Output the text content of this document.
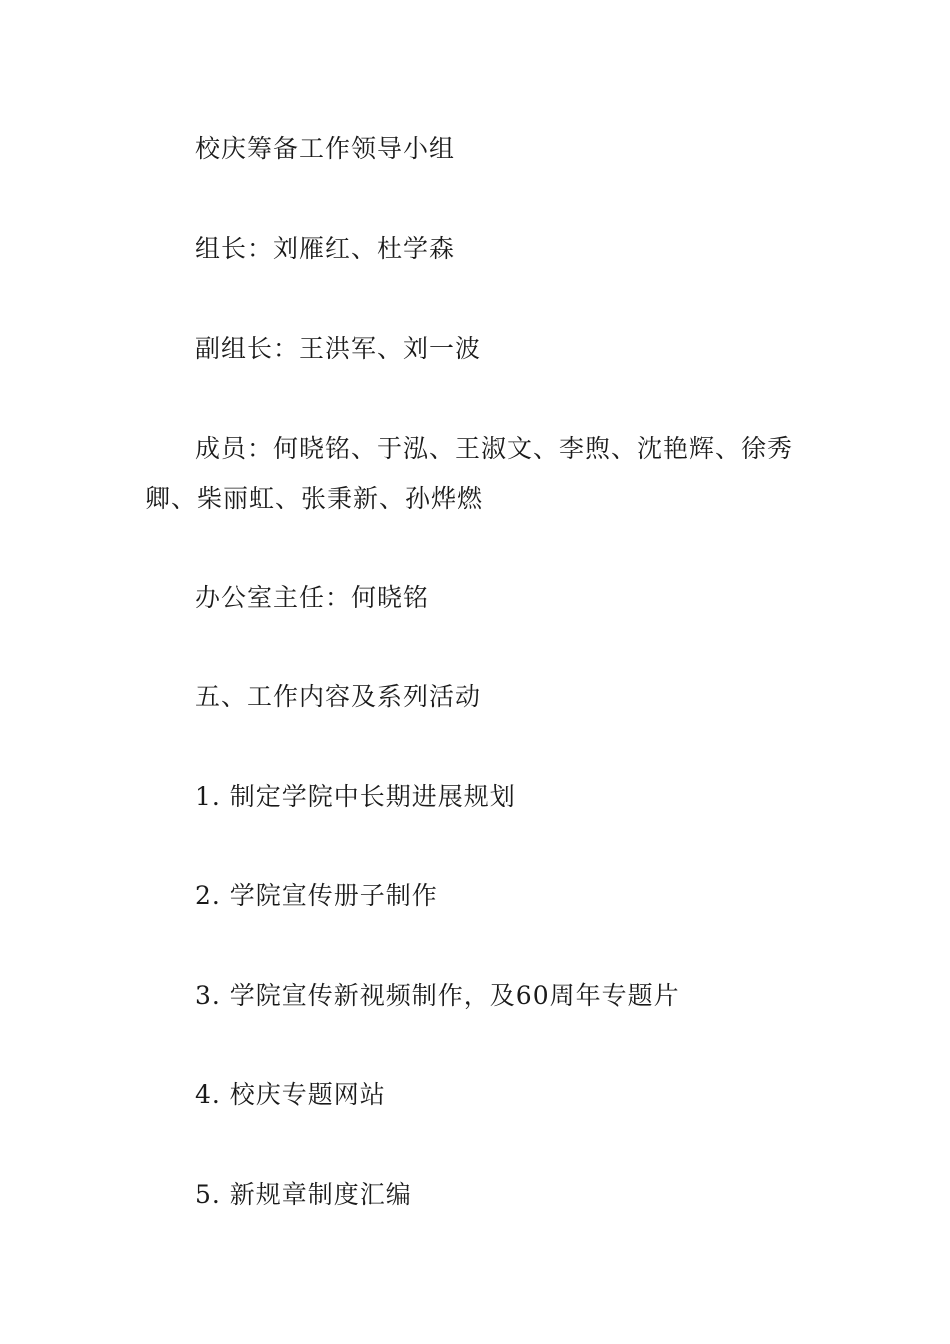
校庆筹备工作领导小组

组长：刘雁红、杜学森

副组长：王洪军、刘一波

成员：何晓铭、于泓、王淑文、李煦、沈艳辉、徐秀卿、柴丽虹、张秉新、孙烨燃

办公室主任：何晓铭

五、工作内容及系列活动

1. 制定学院中长期进展规划

2. 学院宣传册子制作

3. 学院宣传新视频制作，及60周年专题片

4. 校庆专题网站

5. 新规章制度汇编
